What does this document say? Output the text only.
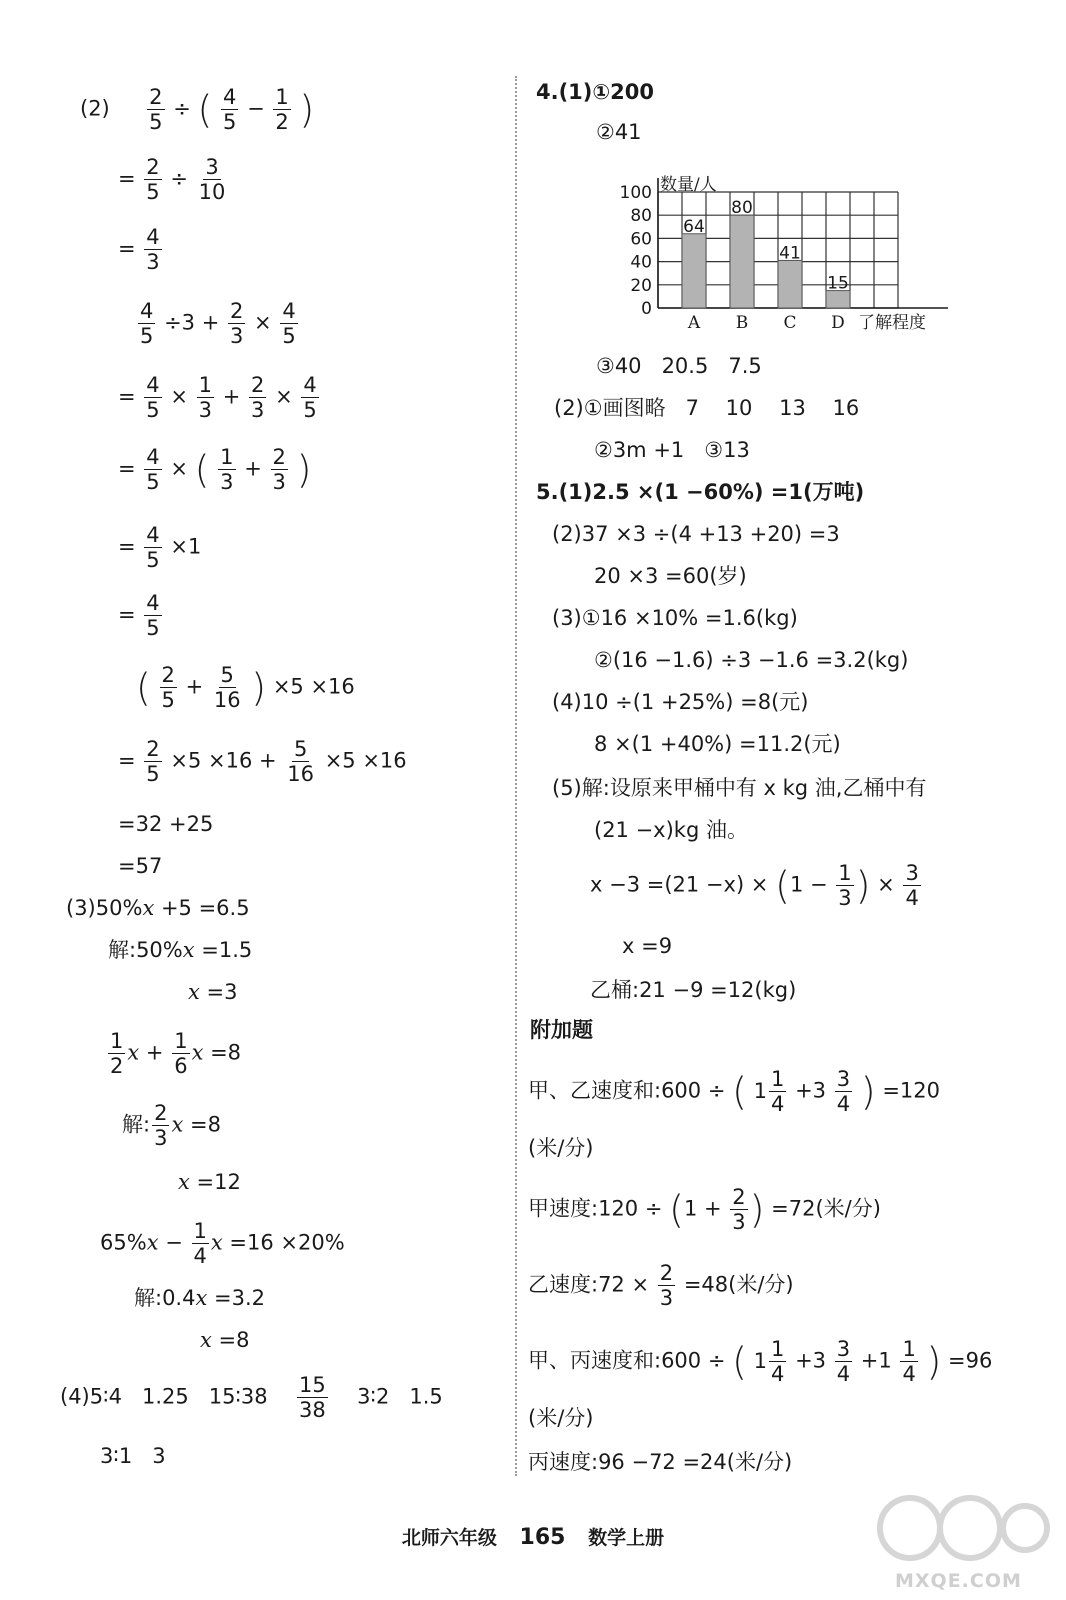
$(2) \frac{2}{5}$ ÷ ( $\frac{4}{5} - \frac{1}{2}$ )
= $\frac{2}{5} \div \frac{3}{10}$
= $\frac{4}{3}$
$\frac{4}{5} \div 3 + \frac{2}{3} \times \frac{4}{5}$
= $\frac{4}{5} \times \frac{1}{3} + \frac{2}{3} \times \frac{4}{5}$
= $\frac{4}{5}$ × ( $\frac{1}{3} + \frac{2}{3}$ )
= $\frac{4}{5} \times 1$
= $\frac{4}{5}$
( $\frac{2}{5} + \frac{5}{16}$ ) ×5 ×16
= $\frac{2}{5} \times 5 \times 16 + \frac{5}{16} \times 5 \times 16$
=32 +25
=57
(3)50%x +5 =6.5
解:50%x =1.5
x =3
$\frac{1}{2}$ $x + \frac{1}{6}$ x =8
解: $\frac{2}{3}$ x =8
x =12
$65\%x - \frac{1}{4}$ x =16 ×20%
解:0.4x =3.2
x =8
(4)5∶4   1.25   15∶38 $\frac{15}{38}$ 3∶2   1.5
3∶1   3
4.(1)①200
②41
0
20
40
60
80
100 数量/人
64
A
80
B
41
C
15
D 了解程度
③40   20.5   7.5
(2)①画图略   7    10    13    16
②3m +1   ③13
5.(1)2.5 ×(1 −60%) =1(万吨)
(2)37 ×3 ÷(4 +13 +20) =3
20 ×3 =60(岁)
(3)①16 ×10% =1.6(kg)
②(16 −1.6) ÷3 −1.6 =3.2(kg)
(4)10 ÷(1 +25%) =8(元)
8 ×(1 +40%) =11.2(元)
(5)解:设原来甲桶中有 x kg 油,乙桶中有
(21 −x)kg 油。
$x -3 =(21 -x) \times (1 - \frac{1}{3}$ ) × $\frac{3}{4}$
x =9
乙桶:21 −9 =12(kg)
附加题
甲、乙速度和:600 ÷ ( $1 \frac{1}{4} +3 \frac{3}{4}$ ) =120
(米/分)
甲速度:120 ÷ ($1 + \frac{2}{3}$ ) =72(米/分)
乙速度:72 × $\frac{2}{3} =48$(米/分)
甲、丙速度和:600 ÷ ( $1 \frac{1}{4} +3 \frac{3}{4} +1 \frac{1}{4}$ ) =96
(米/分)
丙速度:96 −72 =24(米/分)
北师六年级 165 数学上册
MXQE.COM
